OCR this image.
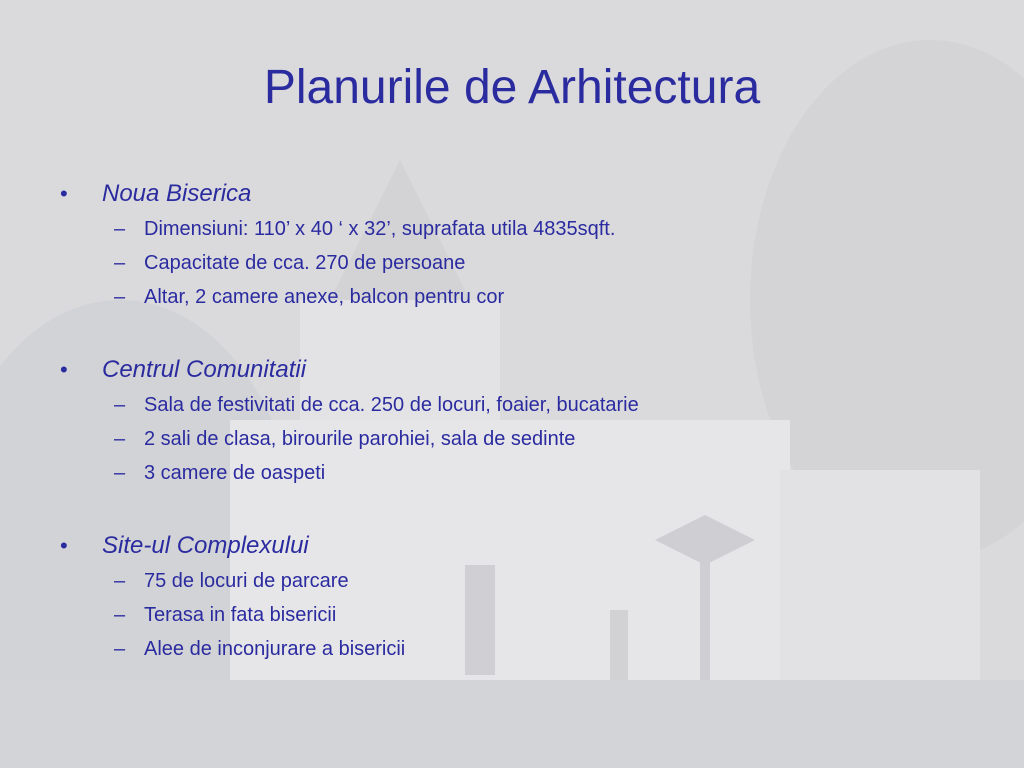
Planurile de Arhitectura
•	Noua Biserica
– Dimensiuni: 110’ x 40 ‘ x 32’, suprafata utila 4835sqft.
– Capacitate de cca. 270 de persoane
– Altar, 2 camere anexe, balcon pentru cor
•	Centrul Comunitatii
– Sala de festivitati de cca. 250 de locuri, foaier, bucatarie
– 2 sali de clasa, birourile parohiei, sala de sedinte
– 3 camere de oaspeti
•	Site-ul Complexului
– 75 de locuri de parcare
– Terasa in fata bisericii
– Alee de inconjurare a bisericii
